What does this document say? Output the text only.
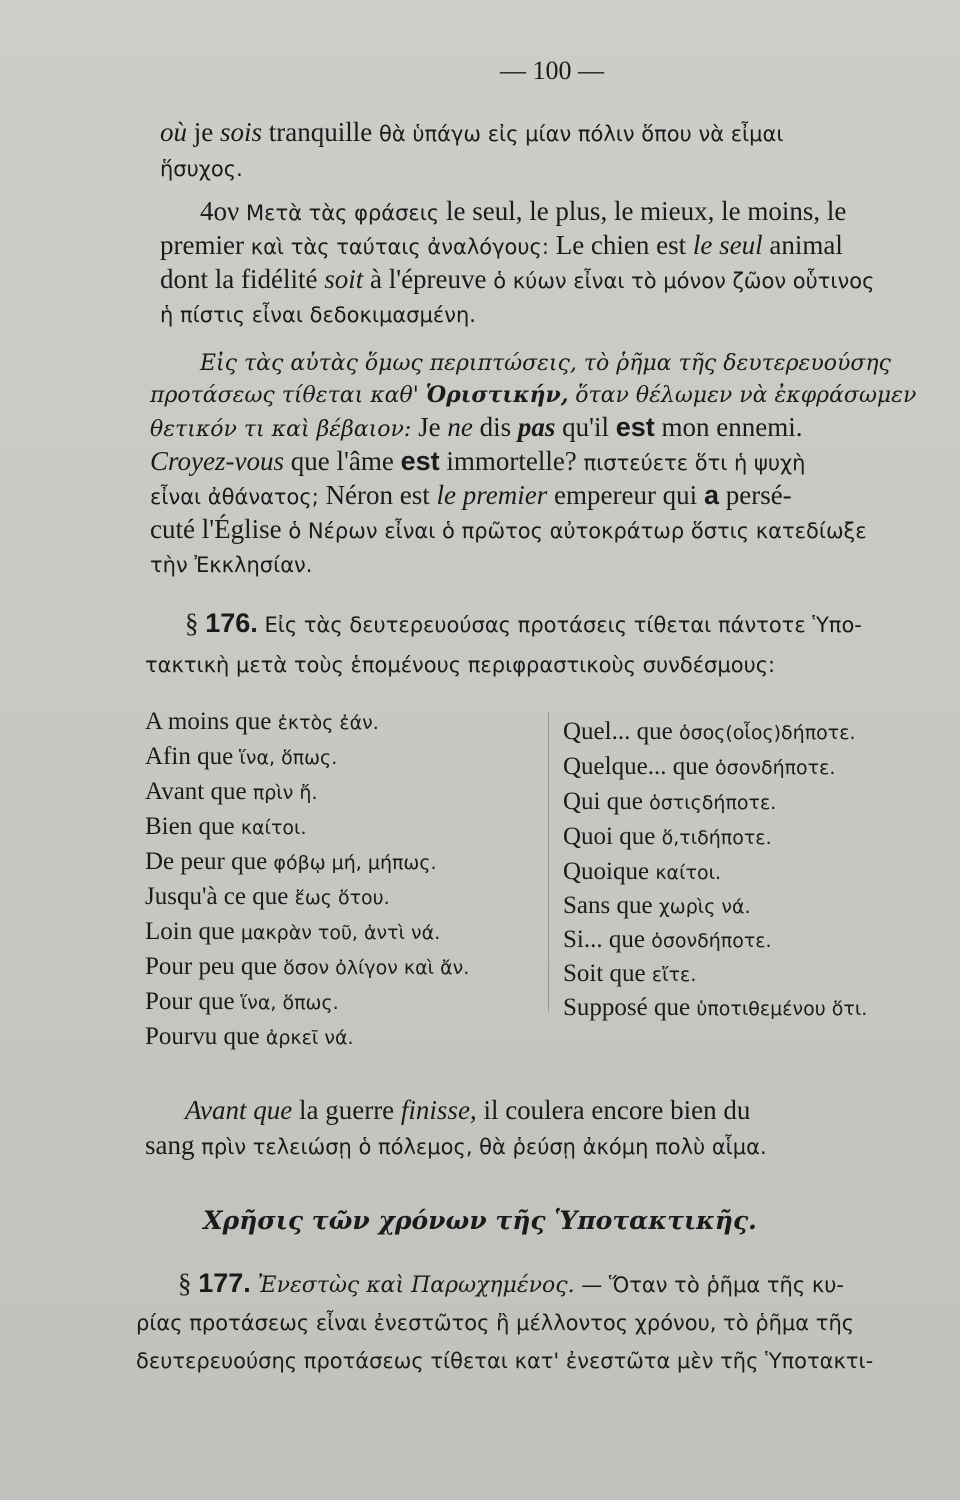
— 100 —
où je sois tranquille θὰ ὑπάγω εἰς μίαν πόλιν ὅπου νὰ εἶμαι
ἥσυχος.
4ον Μετὰ τὰς φράσεις le seul, le plus, le mieux, le moins, le
premier καὶ τὰς ταύταις ἀναλόγους: Le chien est le seul animal
dont la fidélité soit à l'épreuve ὁ κύων εἶναι τὸ μόνον ζῶον οὗτινος
ἡ πίστις εἶναι δεδοκιμασμένη.
Εἰς τὰς αὐτὰς ὅμως περιπτώσεις, τὸ ῥῆμα τῆς δευτερευούσης
προτάσεως τίθεται καθ' Ὁριστικήν, ὅταν θέλωμεν νὰ ἐκφράσωμεν
θετικόν τι καὶ βέβαιον: Je ne dis pas qu'il est mon ennemi.
Croyez-vous que l'âme est immortelle? πιστεύετε ὅτι ἡ ψυχὴ
εἶναι ἀθάνατος; Néron est le premier empereur qui a persé-
cuté l'Église ὁ Νέρων εἶναι ὁ πρῶτος αὐτοκράτωρ ὅστις κατεδίωξε
τὴν Ἐκκλησίαν.
§ 176. Εἰς τὰς δευτερευούσας προτάσεις τίθεται πάντοτε Ὑπο-
τακτικὴ μετὰ τοὺς ἑπομένους περιφραστικοὺς συνδέσμους:
A moins que ἐκτὸς ἐάν.
Afin que ἵνα, ὅπως.
Avant que πρὶν ἤ.
Bien que καίτοι.
De peur que φόβῳ μή, μήπως.
Jusqu'à ce que ἕως ὅτου.
Loin que μακρὰν τοῦ, ἀντὶ νά.
Pour peu que ὅσον ὀλίγον καὶ ἄν.
Pour que ἵνα, ὅπως.
Pourvu que ἀρκεῖ νά.
Quel... que ὁσος(οἷος)δήποτε.
Quelque... que ὁσονδήποτε.
Qui que ὁστιςδήποτε.
Quoi que ὅ,τιδήποτε.
Quoique καίτοι.
Sans que χωρὶς νά.
Si... que ὁσονδήποτε.
Soit que εἴτε.
Supposé que ὑποτιθεμένου ὅτι.
Avant que la guerre finisse, il coulera encore bien du
sang πρὶν τελειώσῃ ὁ πόλεμος, θὰ ῥεύσῃ ἀκόμη πολὺ αἷμα.
Χρῆσις τῶν χρόνων τῆς Ὑποτακτικῆς.
§ 177. Ἐνεστὼς καὶ Παρωχημένος. — Ὅταν τὸ ῥῆμα τῆς κυ-
ρίας προτάσεως εἶναι ἐνεστῶτος ἢ μέλλοντος χρόνου, τὸ ῥῆμα τῆς
δευτερευούσης προτάσεως τίθεται κατ' ἐνεστῶτα μὲν τῆς Ὑποτακτι-
